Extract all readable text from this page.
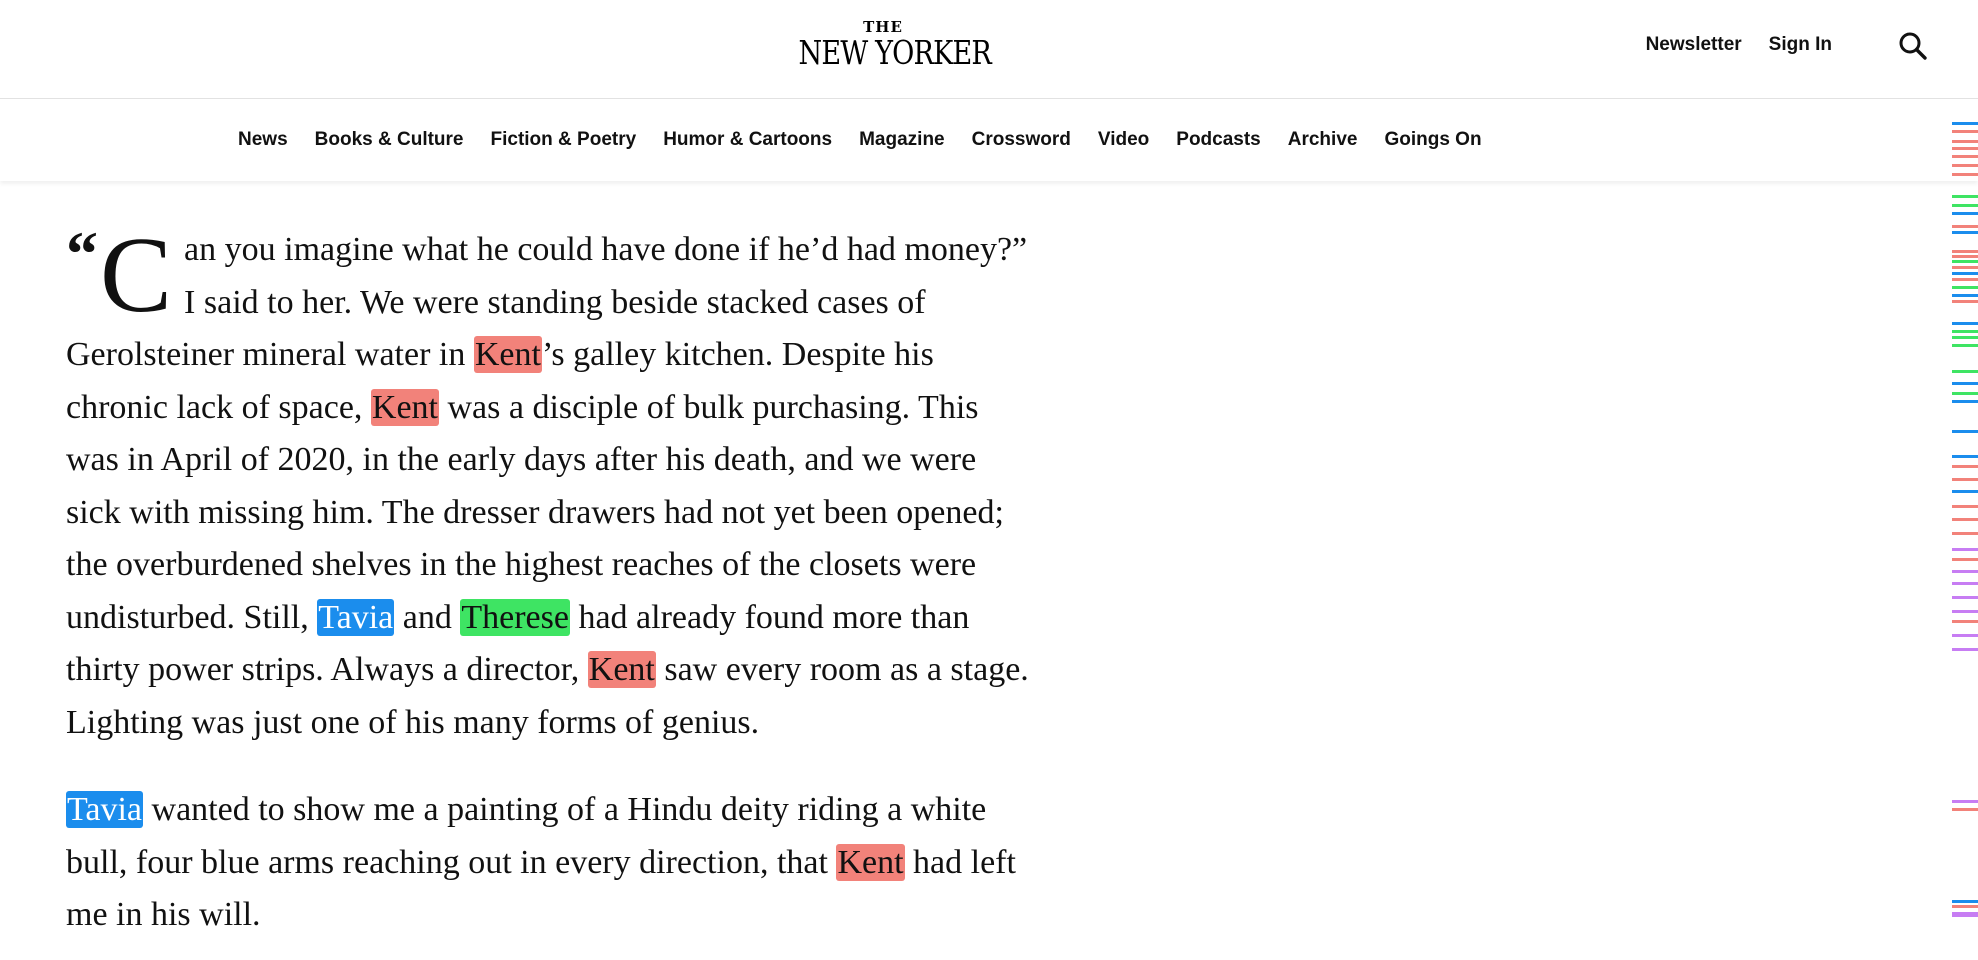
THE
NEW YORKER	Newsletter Sign In
News Books & Culture Fiction & Poetry Humor & Cartoons Magazine Crossword Video Podcasts Archive Goings On

“ C an you imagine what he could have done if he’d had money?” I said to her. We were standing beside stacked cases of Gerolsteiner mineral water in Kent’s galley kitchen. Despite his chronic lack of space, Kent was a disciple of bulk purchasing. This was in April of 2020, in the early days after his death, and we were sick with missing him. The dresser drawers had not yet been opened; the overburdened shelves in the highest reaches of the closets were undisturbed. Still, Tavia and Therese had already found more than thirty power strips. Always a director, Kent saw every room as a stage. Lighting was just one of his many forms of genius.

Tavia wanted to show me a painting of a Hindu deity riding a white bull, four blue arms reaching out in every direction, that Kent had left me in his will.
